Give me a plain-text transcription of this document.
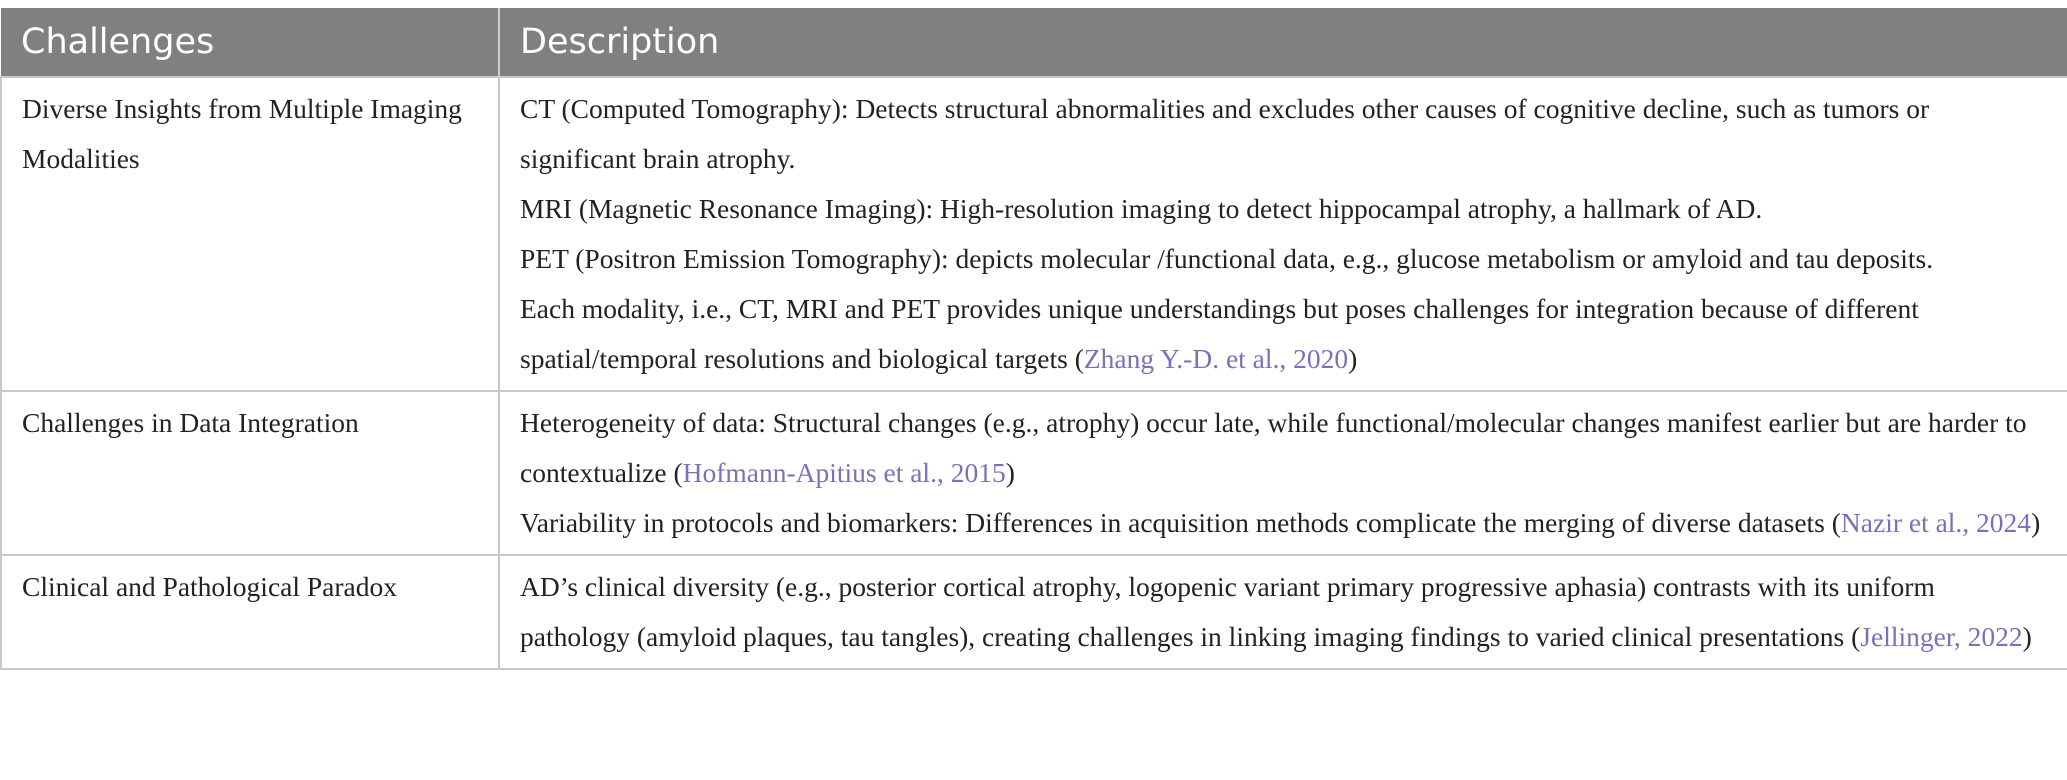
Challenges	Description
Diverse Insights from Multiple Imaging Modalities	CT (Computed Tomography): Detects structural abnormalities and excludes other causes of cognitive decline, such as tumors or significant brain atrophy.
MRI (Magnetic Resonance Imaging): High-resolution imaging to detect hippocampal atrophy, a hallmark of AD.
PET (Positron Emission Tomography): depicts molecular /functional data, e.g., glucose metabolism or amyloid and tau deposits.
Each modality, i.e., CT, MRI and PET provides unique understandings but poses challenges for integration because of different spatial/temporal resolutions and biological targets (Zhang Y.-D. et al., 2020)

Challenges in Data Integration	Heterogeneity of data: Structural changes (e.g., atrophy) occur late, while functional/molecular changes manifest earlier but are harder to contextualize (Hofmann-Apitius et al., 2015)
Variability in protocols and biomarkers: Differences in acquisition methods complicate the merging of diverse datasets (Nazir et al., 2024)

Clinical and Pathological Paradox	AD’s clinical diversity (e.g., posterior cortical atrophy, logopenic variant primary progressive aphasia) contrasts with its uniform pathology (amyloid plaques, tau tangles), creating challenges in linking imaging findings to varied clinical presentations (Jellinger, 2022)
